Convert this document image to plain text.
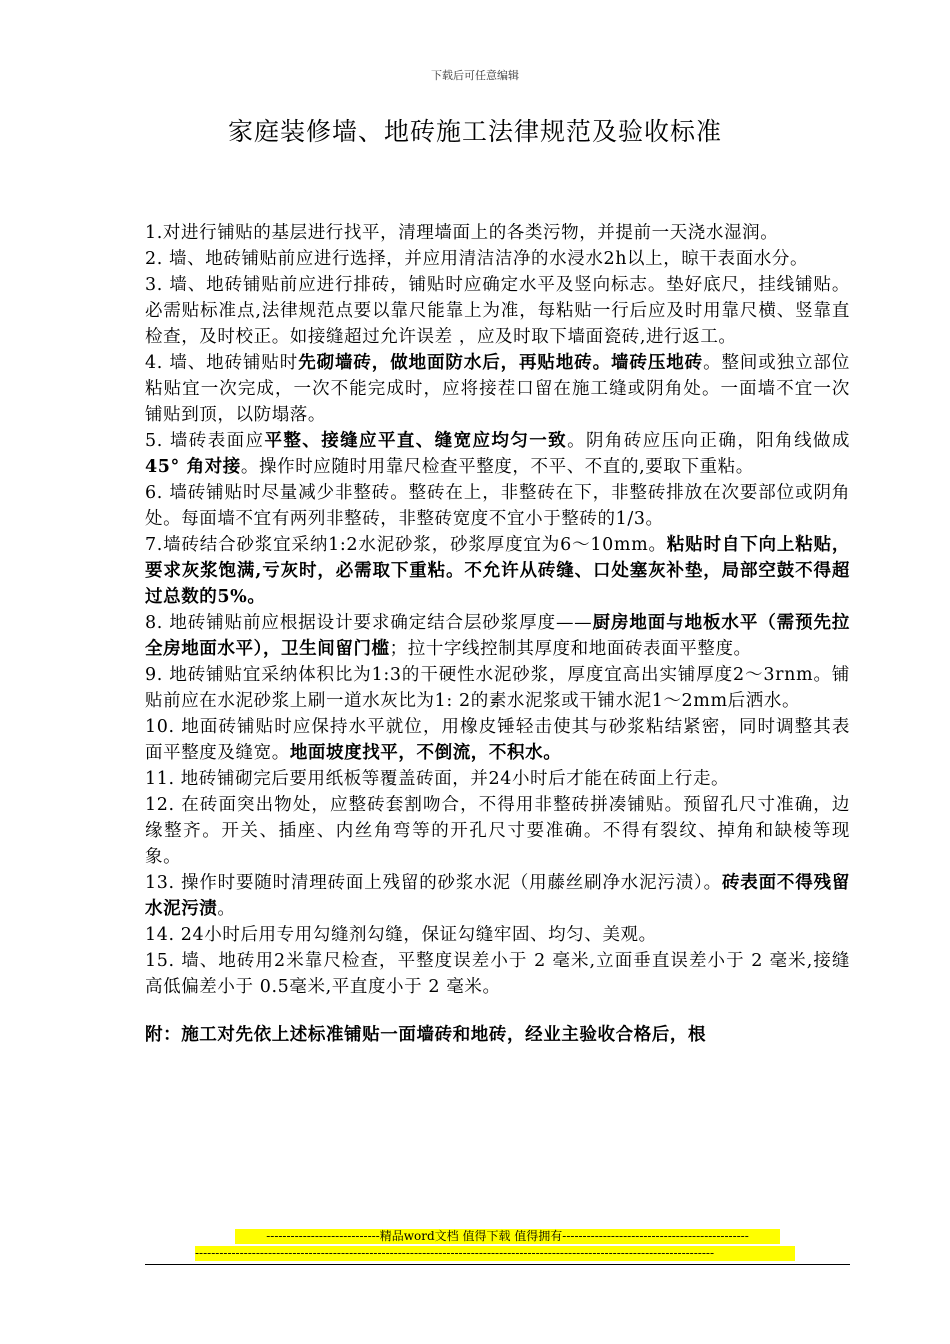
下载后可任意编辑
家庭装修墙、地砖施工法律规范及验收标准

1.对进行铺贴的基层进行找平，清理墙面上的各类污物，并提前一天浇水湿润。

2. 墙、地砖铺贴前应进行选择，并应用清洁洁净的水浸水2h以上，晾干表面水分。

3. 墙、地砖铺贴前应进行排砖，铺贴时应确定水平及竖向标志。垫好底尺，挂线铺贴。必需贴标准点,法律规范点要以靠尺能靠上为准，每粘贴一行后应及时用靠尺横、竖靠直检查，及时校正。如接缝超过允许误差 ，应及时取下墙面瓷砖,进行返工。

4. 墙、地砖铺贴时先砌墙砖，做地面防水后，再贴地砖。墙砖压地砖。整间或独立部位粘贴宜一次完成，一次不能完成时，应将接茬口留在施工缝或阴角处。一面墙不宜一次铺贴到顶，以防塌落。

5. 墙砖表面应平整、接缝应平直、缝宽应均匀一致。阴角砖应压向正确，阳角线做成45° 角对接。操作时应随时用靠尺检查平整度，不平、不直的,要取下重粘。

6. 墙砖铺贴时尽量减少非整砖。整砖在上，非整砖在下，非整砖排放在次要部位或阴角处。每面墙不宜有两列非整砖，非整砖宽度不宜小于整砖的1/3。

7.墙砖结合砂浆宜采纳1:2水泥砂浆，砂浆厚度宜为6～10mm。粘贴时自下向上粘贴，要求灰浆饱满,亏灰时，必需取下重粘。不允许从砖缝、口处塞灰补垫，局部空鼓不得超过总数的5%。

8. 地砖铺贴前应根据设计要求确定结合层砂浆厚度——厨房地面与地板水平（需预先拉全房地面水平），卫生间留门槛；拉十字线控制其厚度和地面砖表面平整度。

9. 地砖铺贴宜采纳体积比为1:3的干硬性水泥砂浆，厚度宜高出实铺厚度2～3rnm。铺贴前应在水泥砂浆上刷一道水灰比为1: 2的素水泥浆或干铺水泥1～2mm后洒水。

10. 地面砖铺贴时应保持水平就位，用橡皮锤轻击使其与砂浆粘结紧密，同时调整其表面平整度及缝宽。地面坡度找平，不倒流，不积水。

11. 地砖铺砌完后要用纸板等覆盖砖面，并24小时后才能在砖面上行走。

12. 在砖面突出物处，应整砖套割吻合，不得用非整砖拼凑铺贴。预留孔尺寸准确，边缘整齐。开关、插座、内丝角弯等的开孔尺寸要准确。不得有裂纹、掉角和缺棱等现象。

13. 操作时要随时清理砖面上残留的砂浆水泥（用藤丝刷净水泥污渍）。砖表面不得残留水泥污渍。

14. 24小时后用专用勾缝剂勾缝，保证勾缝牢固、均匀、美观。

15. 墙、地砖用2米靠尺检查，平整度误差小于 2 毫米,立面垂直误差小于 2 毫米,接缝高低偏差小于 0.5毫米,平直度小于 2 毫米。

附：施工对先依上述标准铺贴一面墙砖和地砖，经业主验收合格后，根

----------------------------精品word文档 值得下载 值得拥有----------------------------------------------
--------------------------------------------------------------------------------------------------------------------------------
